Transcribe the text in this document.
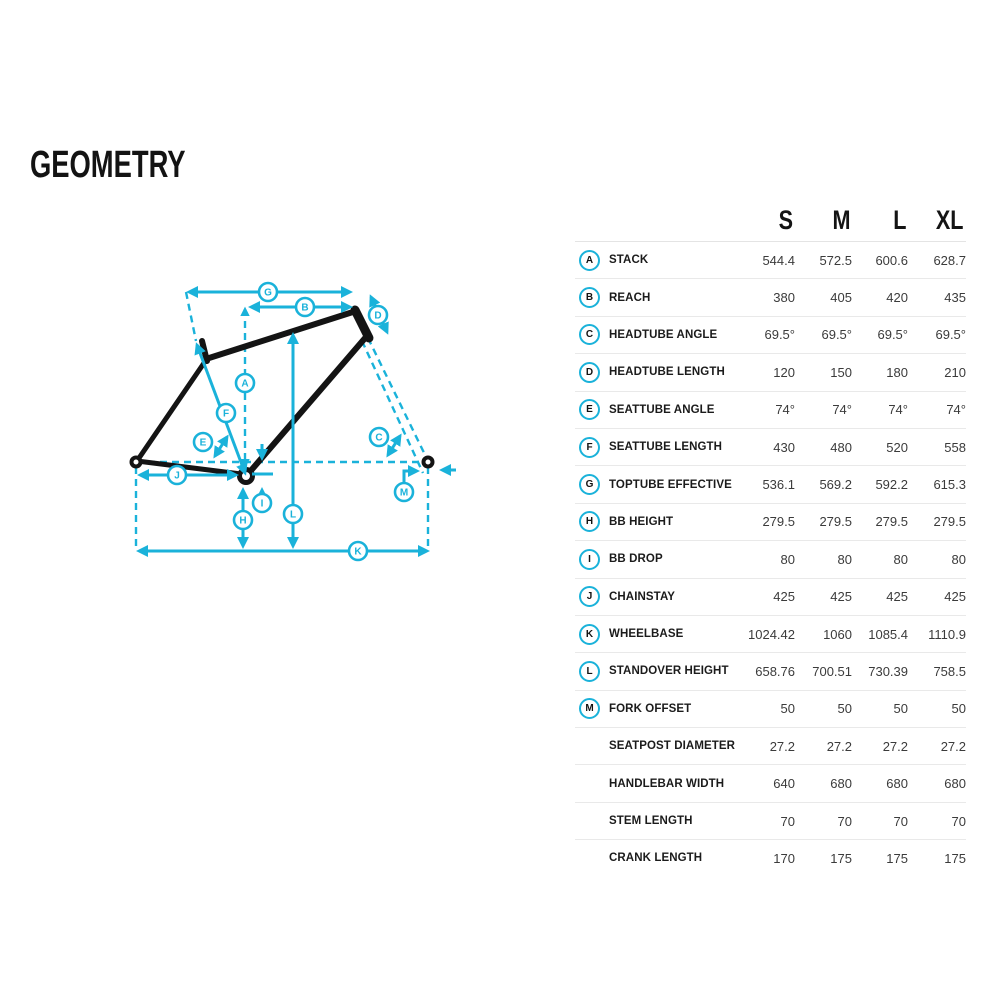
GEOMETRY
A
B
C
D
E
F
G
H
I
J
K
L
M
S	M	L	XL
A STACK	544.4	572.5	600.6	628.7
B REACH	380	405	420	435
C HEADTUBE ANGLE	69.5°	69.5°	69.5°	69.5°
D HEADTUBE LENGTH	120	150	180	210
E SEATTUBE ANGLE	74°	74°	74°	74°
F SEATTUBE LENGTH	430	480	520	558
G TOPTUBE EFFECTIVE	536.1	569.2	592.2	615.3
H BB HEIGHT	279.5	279.5	279.5	279.5
I BB DROP	80	80	80	80
J CHAINSTAY	425	425	425	425
K WHEELBASE	1024.42	1060	1085.4	1110.9
L STANDOVER HEIGHT	658.76	700.51	730.39	758.5
M FORK OFFSET	50	50	50	50
SEATPOST DIAMETER	27.2	27.2	27.2	27.2
HANDLEBAR WIDTH	640	680	680	680
STEM LENGTH	70	70	70	70
CRANK LENGTH	170	175	175	175
